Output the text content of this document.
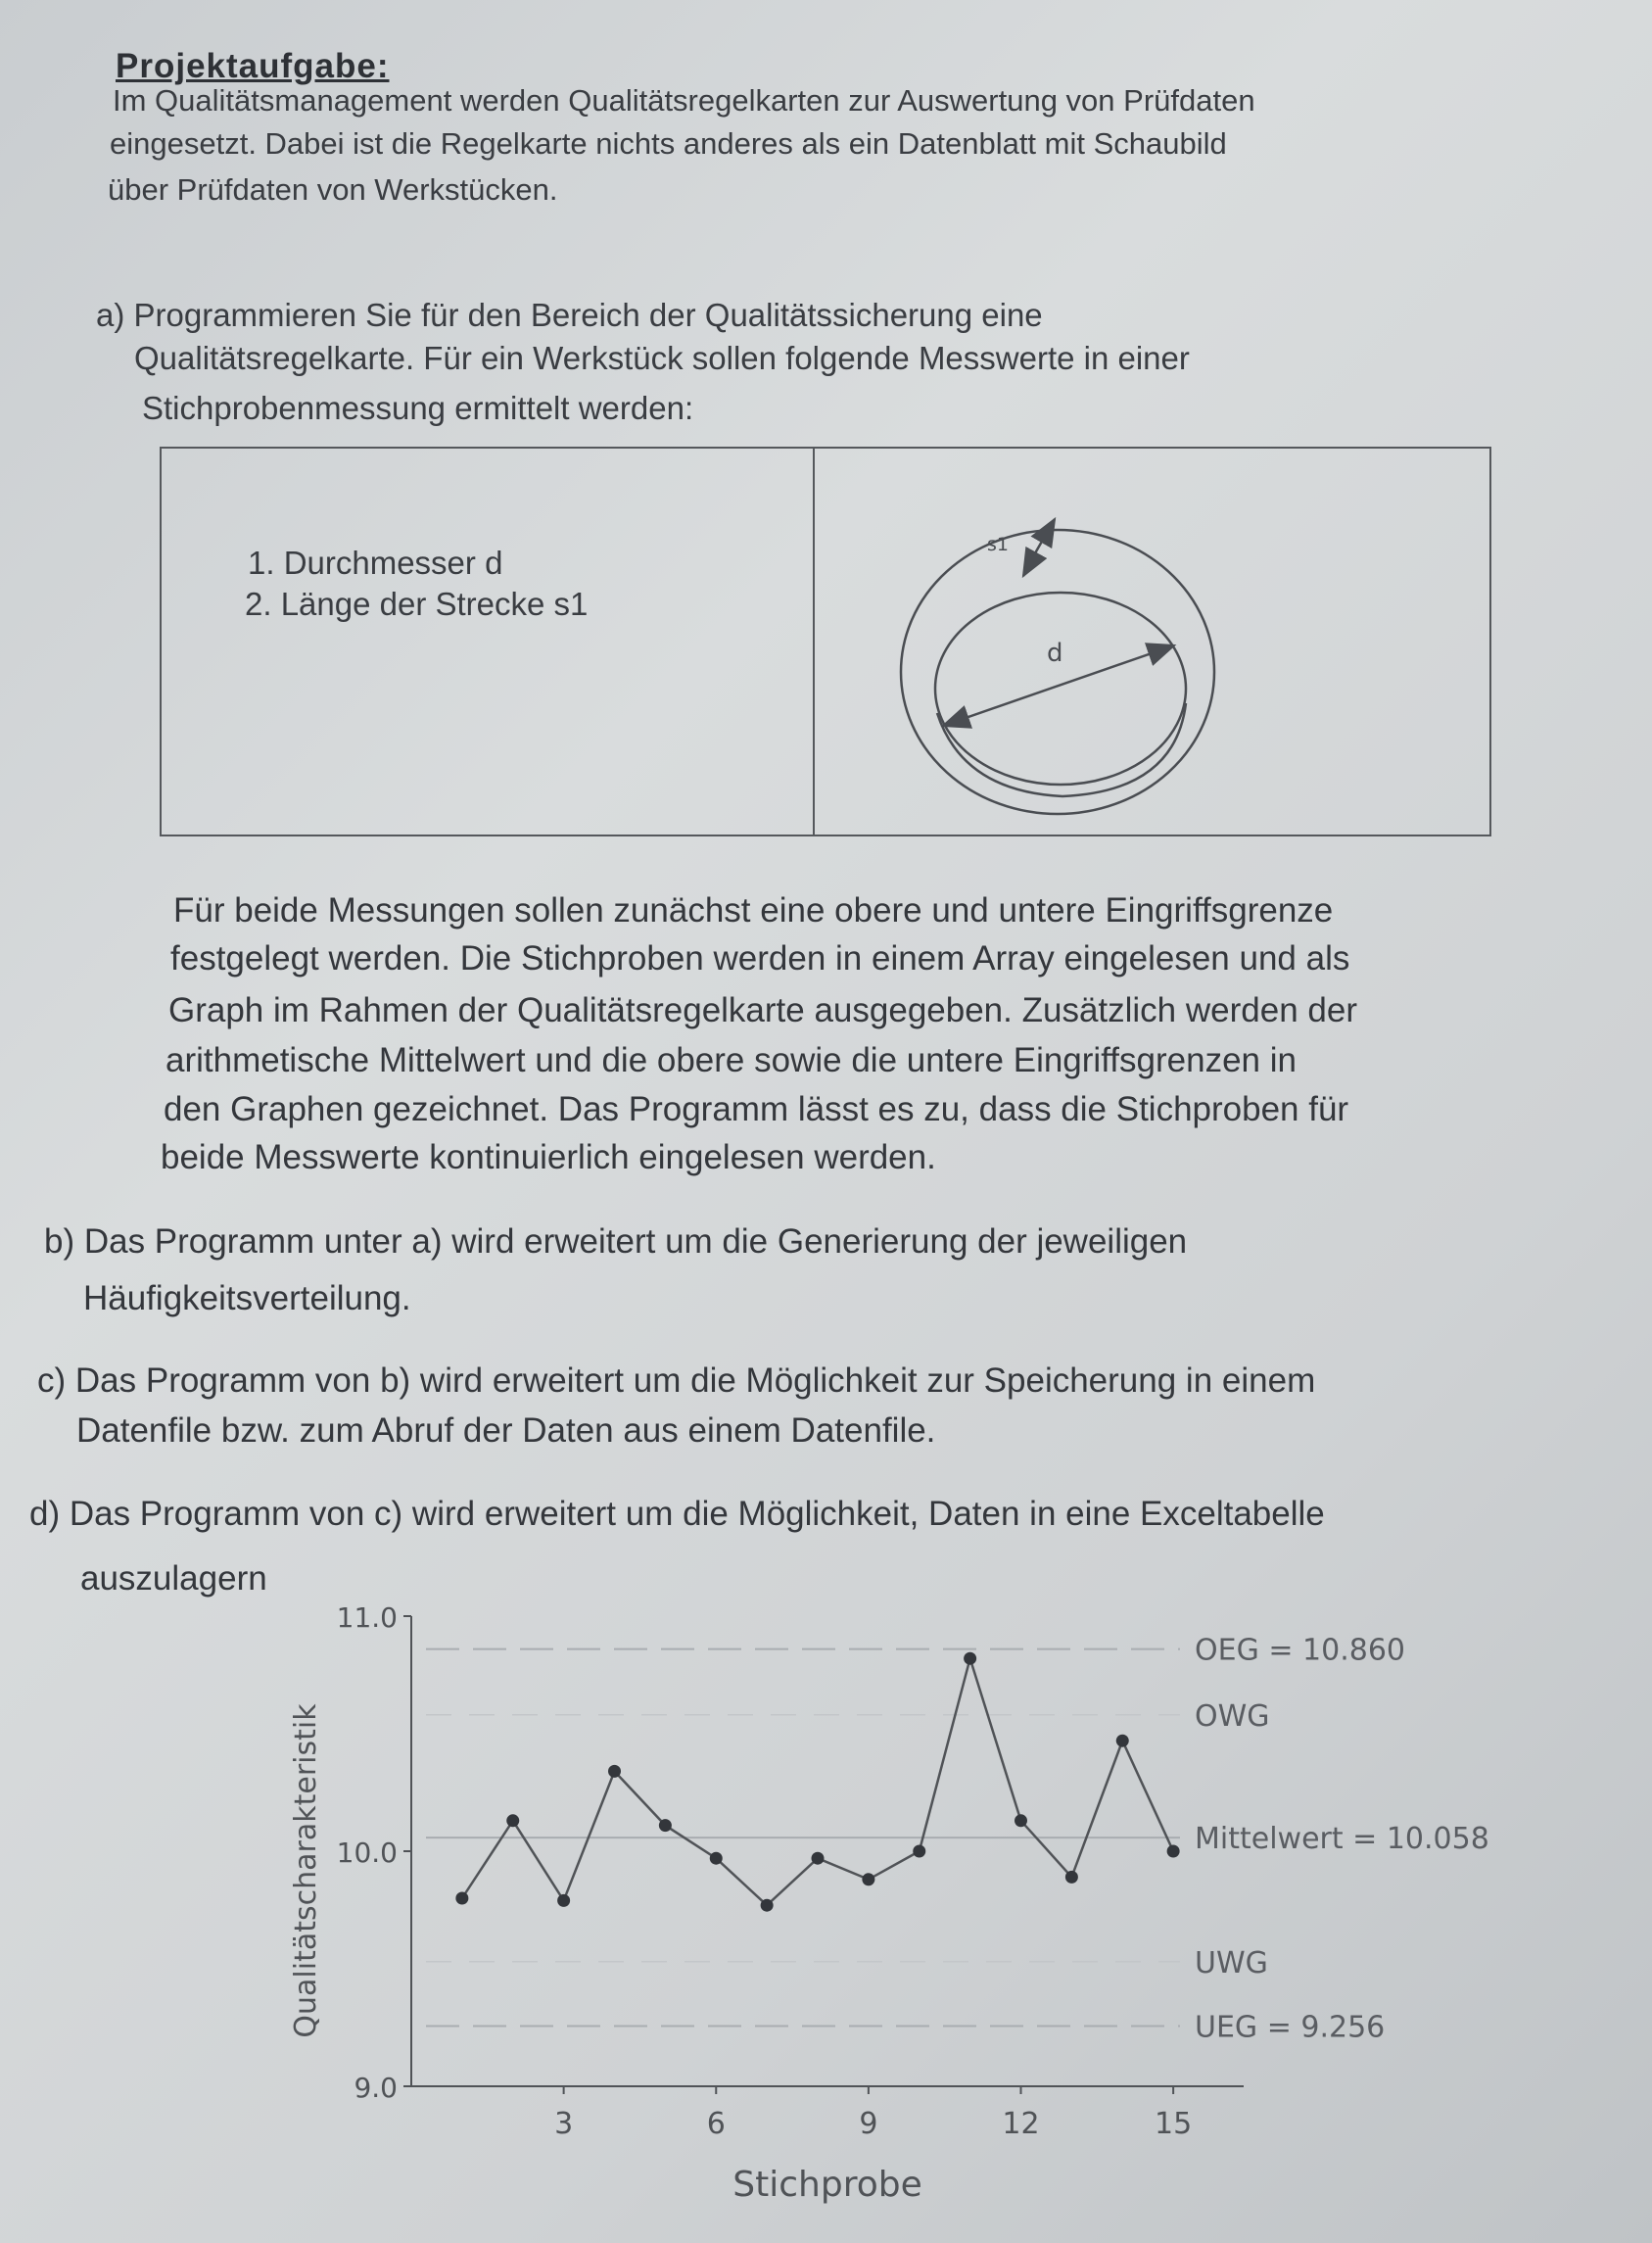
Projektaufgabe:
Im Qualitätsmanagement werden Qualitätsregelkarten zur Auswertung von Prüfdaten
eingesetzt. Dabei ist die Regelkarte nichts anderes als ein Datenblatt mit Schaubild
über Prüfdaten von Werkstücken.
a) Programmieren Sie für den Bereich der Qualitätssicherung eine
Qualitätsregelkarte. Für ein Werkstück sollen folgende Messwerte in einer
Stichprobenmessung ermittelt werden:
1. Durchmesser d
2. Länge der Strecke s1
s1
d
Für beide Messungen sollen zunächst eine obere und untere Eingriffsgrenze
festgelegt werden. Die Stichproben werden in einem Array eingelesen und als
Graph im Rahmen der Qualitätsregelkarte ausgegeben. Zusätzlich werden der
arithmetische Mittelwert und die obere sowie die untere Eingriffsgrenzen in
den Graphen gezeichnet. Das Programm lässt es zu, dass die Stichproben für
beide Messwerte kontinuierlich eingelesen werden.
b) Das Programm unter a) wird erweitert um die Generierung der jeweiligen
Häufigkeitsverteilung.
c) Das Programm von b) wird erweitert um die Möglichkeit zur Speicherung in einem
Datenfile bzw. zum Abruf der Daten aus einem Datenfile.
d) Das Programm von c) wird erweitert um die Möglichkeit, Daten in eine Exceltabelle
auszulagern
9.0
10.0
11.0
3	6	9	12	15
Stichprobe
Qualitätscharakteristik
OEG = 10.860
OWG
Mittelwert = 10.058
UWG
UEG = 9.256
